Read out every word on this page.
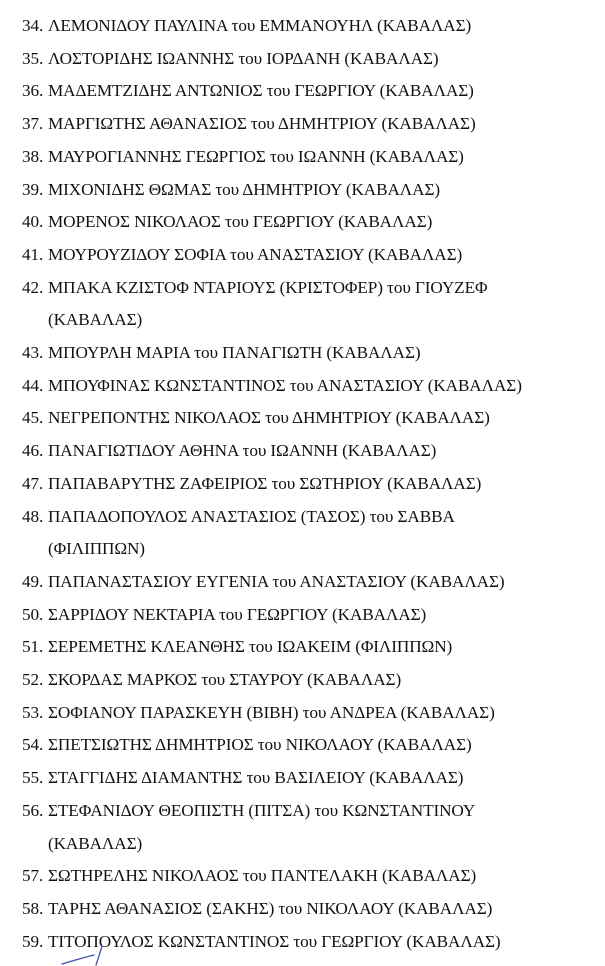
34. ΛΕΜΟΝΙΔΟΥ ΠΑΥΛΙΝΑ του ΕΜΜΑΝΟΥΗΛ (ΚΑΒΑΛΑΣ)
35. ΛΟΣΤΟΡΙΔΗΣ ΙΩΑΝΝΗΣ του ΙΟΡΔΑΝΗ (ΚΑΒΑΛΑΣ)
36. ΜΑΔΕΜΤΖΙΔΗΣ ΑΝΤΩΝΙΟΣ του ΓΕΩΡΓΙΟΥ (ΚΑΒΑΛΑΣ)
37. ΜΑΡΓΙΩΤΗΣ ΑΘΑΝΑΣΙΟΣ του ΔΗΜΗΤΡΙΟΥ (ΚΑΒΑΛΑΣ)
38. ΜΑΥΡΟΓΙΑΝΝΗΣ ΓΕΩΡΓΙΟΣ του ΙΩΑΝΝΗ (ΚΑΒΑΛΑΣ)
39. ΜΙΧΟΝΙΔΗΣ ΘΩΜΑΣ του ΔΗΜΗΤΡΙΟΥ (ΚΑΒΑΛΑΣ)
40. ΜΟΡΕΝΟΣ ΝΙΚΟΛΑΟΣ του ΓΕΩΡΓΙΟΥ (ΚΑΒΑΛΑΣ)
41. ΜΟΥΡΟΥΖΙΔΟΥ ΣΟΦΙΑ του ΑΝΑΣΤΑΣΙΟΥ (ΚΑΒΑΛΑΣ)
42. ΜΠΑΚΑ ΚΖΙΣΤΟΦ ΝΤΑΡΙΟΥΣ (ΚΡΙΣΤΟΦΕΡ) του ΓΙΟΥΖΕΦ
(ΚΑΒΑΛΑΣ)
43. ΜΠΟΥΡΛΗ ΜΑΡΙΑ του ΠΑΝΑΓΙΩΤΗ (ΚΑΒΑΛΑΣ)
44. ΜΠΟΥΦΙΝΑΣ ΚΩΝΣΤΑΝΤΙΝΟΣ του ΑΝΑΣΤΑΣΙΟΥ (ΚΑΒΑΛΑΣ)
45. ΝΕΓΡΕΠΟΝΤΗΣ ΝΙΚΟΛΑΟΣ του ΔΗΜΗΤΡΙΟΥ (ΚΑΒΑΛΑΣ)
46. ΠΑΝΑΓΙΩΤΙΔΟΥ ΑΘΗΝΑ του ΙΩΑΝΝΗ (ΚΑΒΑΛΑΣ)
47. ΠΑΠΑΒΑΡΥΤΗΣ ΖΑΦΕΙΡΙΟΣ του ΣΩΤΗΡΙΟΥ (ΚΑΒΑΛΑΣ)
48. ΠΑΠΑΔΟΠΟΥΛΟΣ ΑΝΑΣΤΑΣΙΟΣ (ΤΑΣΟΣ) του ΣΑΒΒΑ
(ΦΙΛΙΠΠΩΝ)
49. ΠΑΠΑΝΑΣΤΑΣΙΟΥ ΕΥΓΕΝΙΑ του ΑΝΑΣΤΑΣΙΟΥ (ΚΑΒΑΛΑΣ)
50. ΣΑΡΡΙΔΟΥ ΝΕΚΤΑΡΙΑ του ΓΕΩΡΓΙΟΥ (ΚΑΒΑΛΑΣ)
51. ΣΕΡΕΜΕΤΗΣ ΚΛΕΑΝΘΗΣ του ΙΩΑΚΕΙΜ (ΦΙΛΙΠΠΩΝ)
52. ΣΚΟΡΔΑΣ ΜΑΡΚΟΣ του ΣΤΑΥΡΟΥ (ΚΑΒΑΛΑΣ)
53. ΣΟΦΙΑΝΟΥ ΠΑΡΑΣΚΕΥΗ (ΒΙΒΗ) του ΑΝΔΡΕΑ (ΚΑΒΑΛΑΣ)
54. ΣΠΕΤΣΙΩΤΗΣ ΔΗΜΗΤΡΙΟΣ του ΝΙΚΟΛΑΟΥ (ΚΑΒΑΛΑΣ)
55. ΣΤΑΓΓΙΔΗΣ ΔΙΑΜΑΝΤΗΣ του ΒΑΣΙΛΕΙΟΥ (ΚΑΒΑΛΑΣ)
56. ΣΤΕΦΑΝΙΔΟΥ ΘΕΟΠΙΣΤΗ (ΠΙΤΣΑ) του ΚΩΝΣΤΑΝΤΙΝΟΥ
(ΚΑΒΑΛΑΣ)
57. ΣΩΤΗΡΕΛΗΣ ΝΙΚΟΛΑΟΣ του ΠΑΝΤΕΛΑΚΗ (ΚΑΒΑΛΑΣ)
58. ΤΑΡΗΣ ΑΘΑΝΑΣΙΟΣ (ΣΑΚΗΣ) του ΝΙΚΟΛΑΟΥ (ΚΑΒΑΛΑΣ)
59. ΤΙΤΟΠΟΥΛΟΣ ΚΩΝΣΤΑΝΤΙΝΟΣ του ΓΕΩΡΓΙΟΥ (ΚΑΒΑΛΑΣ)
